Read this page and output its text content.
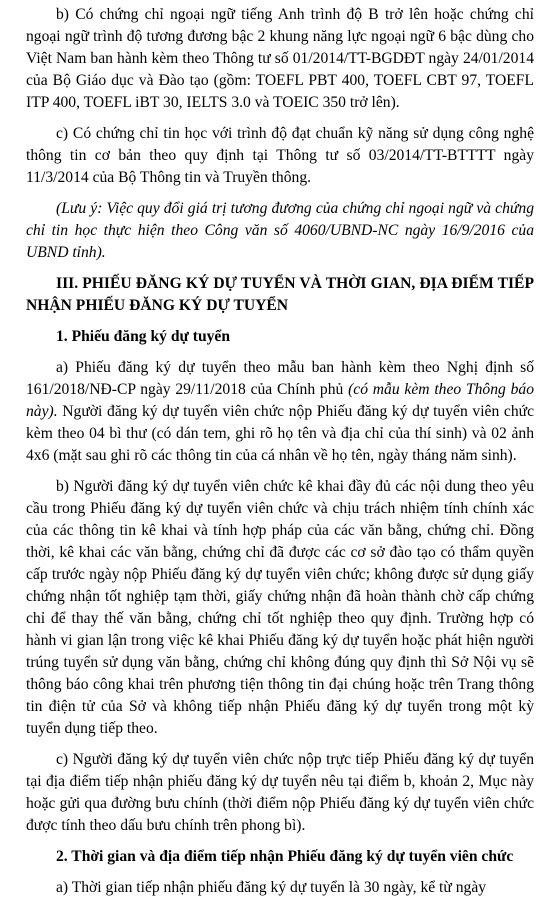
b) Có chứng chỉ ngoại ngữ tiếng Anh trình độ B trở lên hoặc chứng chỉ ngoại ngữ trình độ tương đương bậc 2 khung năng lực ngoại ngữ 6 bậc dùng cho Việt Nam ban hành kèm theo Thông tư số 01/2014/TT-BGDĐT ngày 24/01/2014 của Bộ Giáo dục và Đào tạo (gồm: TOEFL PBT 400, TOEFL CBT 97, TOEFL ITP 400, TOEFL iBT 30, IELTS 3.0 và TOEIC 350 trở lên).

c) Có chứng chỉ tin học với trình độ đạt chuẩn kỹ năng sử dụng công nghệ thông tin cơ bản theo quy định tại Thông tư số 03/2014/TT-BTTTT ngày 11/3/2014 của Bộ Thông tin và Truyền thông.

(Lưu ý: Việc quy đổi giá trị tương đương của chứng chỉ ngoại ngữ và chứng chỉ tin học thực hiện theo Công văn số 4060/UBND-NC ngày 16/9/2016 của UBND tỉnh).

III. PHIẾU ĐĂNG KÝ DỰ TUYỂN VÀ THỜI GIAN, ĐỊA ĐIỂM TIẾP NHẬN PHIẾU ĐĂNG KÝ DỰ TUYỂN

1. Phiếu đăng ký dự tuyển

a) Phiếu đăng ký dự tuyển theo mẫu ban hành kèm theo Nghị định số 161/2018/NĐ-CP ngày 29/11/2018 của Chính phủ (có mẫu kèm theo Thông báo này). Người đăng ký dự tuyển viên chức nộp Phiếu đăng ký dự tuyển viên chức kèm theo 04 bì thư (có dán tem, ghi rõ họ tên và địa chỉ của thí sinh) và 02 ảnh 4x6 (mặt sau ghi rõ các thông tin của cá nhân về họ tên, ngày tháng năm sinh).

b) Người đăng ký dự tuyển viên chức kê khai đầy đủ các nội dung theo yêu cầu trong Phiếu đăng ký dự tuyển viên chức và chịu trách nhiệm tính chính xác của các thông tin kê khai và tính hợp pháp của các văn bằng, chứng chỉ. Đồng thời, kê khai các văn bằng, chứng chỉ đã được các cơ sở đào tạo có thẩm quyền cấp trước ngày nộp Phiếu đăng ký dự tuyển viên chức; không được sử dụng giấy chứng nhận tốt nghiệp tạm thời, giấy chứng nhận đã hoàn thành chờ cấp chứng chỉ để thay thế văn bằng, chứng chỉ tốt nghiệp theo quy định. Trường hợp có hành vi gian lận trong việc kê khai Phiếu đăng ký dự tuyển hoặc phát hiện người trúng tuyển sử dụng văn bằng, chứng chỉ không đúng quy định thì Sở Nội vụ sẽ thông báo công khai trên phương tiện thông tin đại chúng hoặc trên Trang thông tin điện tử của Sở và không tiếp nhận Phiếu đăng ký dự tuyển trong một kỳ tuyển dụng tiếp theo.

c) Người đăng ký dự tuyển viên chức nộp trực tiếp Phiếu đăng ký dự tuyển tại địa điểm tiếp nhận phiếu đăng ký dự tuyển nêu tại điểm b, khoản 2, Mục này hoặc gửi qua đường bưu chính (thời điểm nộp Phiếu đăng ký dự tuyển viên chức được tính theo dấu bưu chính trên phong bì).

2. Thời gian và địa điểm tiếp nhận Phiếu đăng ký dự tuyển viên chức

a) Thời gian tiếp nhận phiếu đăng ký dự tuyển là 30 ngày, kể từ ngày
